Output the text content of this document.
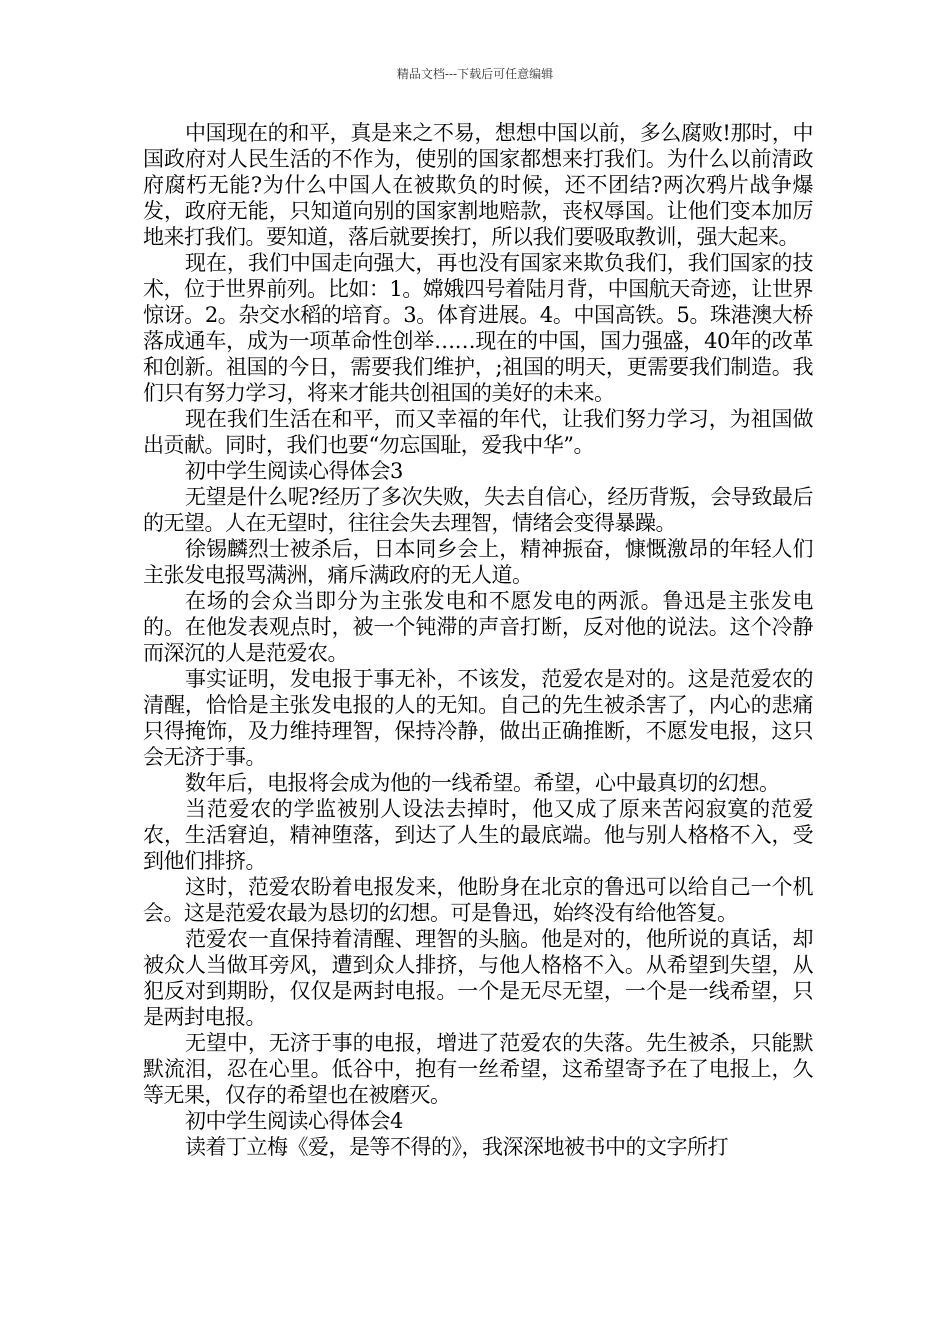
精品文档---下载后可任意编辑

中国现在的和平，真是来之不易，想想中国以前，多么腐败!那时，中国政府对人民生活的不作为，使别的国家都想来打我们。为什么以前清政府腐朽无能?为什么中国人在被欺负的时候，还不团结?两次鸦片战争爆发，政府无能，只知道向别的国家割地赔款，丧权辱国。让他们变本加厉地来打我们。要知道，落后就要挨打，所以我们要吸取教训，强大起来。

现在，我们中国走向强大，再也没有国家来欺负我们，我们国家的技术，位于世界前列。比如：1。嫦娥四号着陆月背，中国航天奇迹，让世界惊讶。2。杂交水稻的培育。3。体育进展。4。中国高铁。5。珠港澳大桥落成通车，成为一项革命性创举……现在的中国，国力强盛，40年的改革和创新。祖国的今日，需要我们维护，;祖国的明天，更需要我们制造。我们只有努力学习，将来才能共创祖国的美好的未来。

现在我们生活在和平，而又幸福的年代，让我们努力学习，为祖国做出贡献。同时，我们也要“勿忘国耻，爱我中华”。

初中学生阅读心得体会3

无望是什么呢?经历了多次失败，失去自信心，经历背叛，会导致最后的无望。人在无望时，往往会失去理智，情绪会变得暴躁。

徐锡麟烈士被杀后，日本同乡会上，精神振奋，慷慨激昂的年轻人们主张发电报骂满洲，痛斥满政府的无人道。

在场的会众当即分为主张发电和不愿发电的两派。鲁迅是主张发电的。在他发表观点时，被一个钝滞的声音打断，反对他的说法。这个冷静而深沉的人是范爱农。

事实证明，发电报于事无补，不该发，范爱农是对的。这是范爱农的清醒，恰恰是主张发电报的人的无知。自己的先生被杀害了，内心的悲痛只得掩饰，及力维持理智，保持冷静，做出正确推断，不愿发电报，这只会无济于事。

数年后，电报将会成为他的一线希望。希望，心中最真切的幻想。

当范爱农的学监被别人设法去掉时，他又成了原来苦闷寂寞的范爱农，生活窘迫，精神堕落，到达了人生的最底端。他与别人格格不入，受到他们排挤。

这时，范爱农盼着电报发来，他盼身在北京的鲁迅可以给自己一个机会。这是范爱农最为恳切的幻想。可是鲁迅，始终没有给他答复。

范爱农一直保持着清醒、理智的头脑。他是对的，他所说的真话，却被众人当做耳旁风，遭到众人排挤，与他人格格不入。从希望到失望，从犯反对到期盼，仅仅是两封电报。一个是无尽无望，一个是一线希望，只是两封电报。

无望中，无济于事的电报，增进了范爱农的失落。先生被杀，只能默默流泪，忍在心里。低谷中，抱有一丝希望，这希望寄予在了电报上，久等无果，仅存的希望也在被磨灭。

初中学生阅读心得体会4

读着丁立梅《爱，是等不得的》，我深深地被书中的文字所打
